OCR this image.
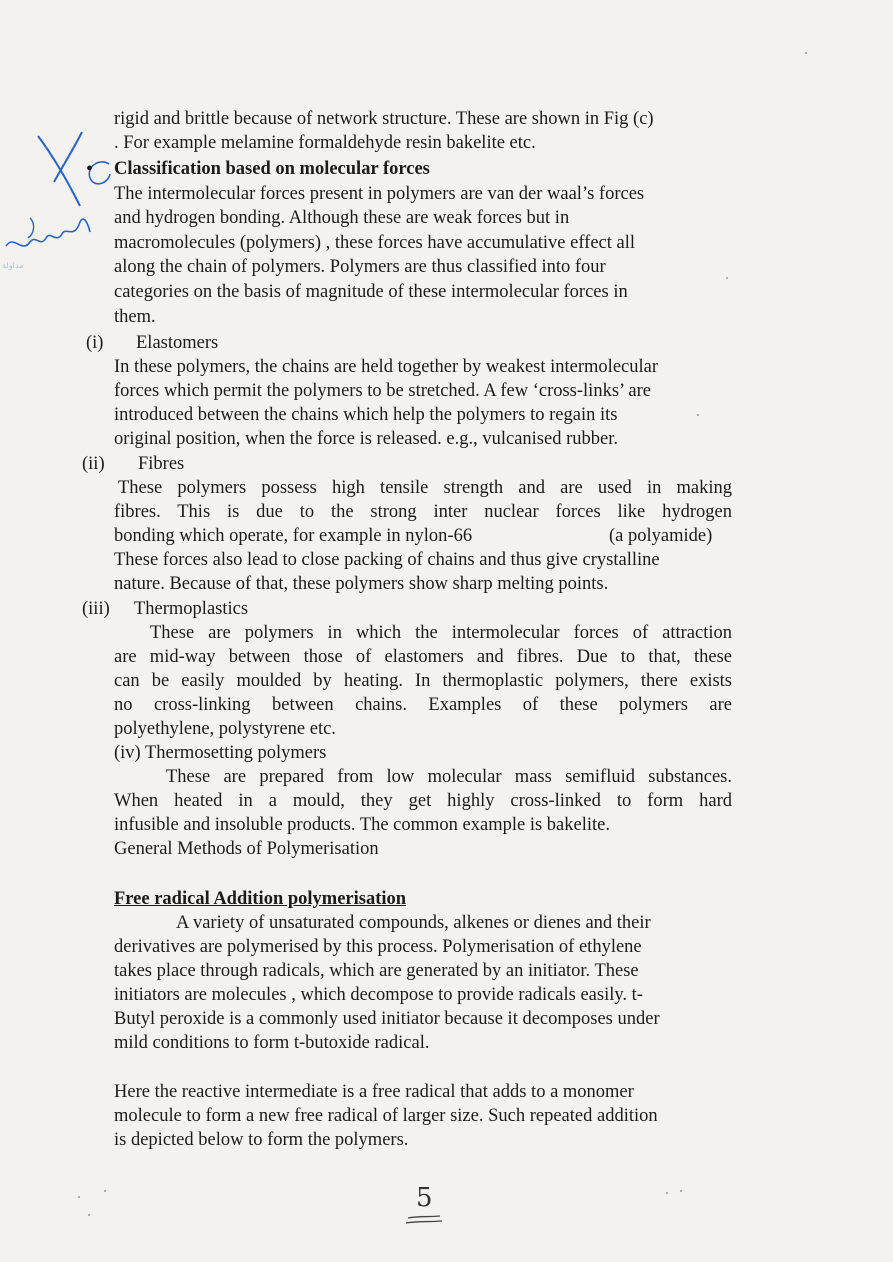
rigid and brittle because of network structure. These are shown in Fig (c)
. For example melamine formaldehyde resin bakelite etc.
مداولة
• Classification based on molecular forces
The intermolecular forces present in polymers are van der waal’s forces
and hydrogen bonding. Although these are weak forces but in
macromolecules (polymers) , these forces have accumulative effect all
along the chain of polymers. Polymers are thus classified into four
categories on the basis of magnitude of these intermolecular forces in
them.
(i) Elastomers
In these polymers, the chains are held together by weakest intermolecular
forces which permit the polymers to be stretched. A few ‘cross-links’ are
introduced between the chains which help the polymers to regain its
original position, when the force is released. e.g., vulcanised rubber.
(ii) Fibres
These polymers possess high tensile strength and are used in making
fibres. This is due to the strong inter nuclear forces like hydrogen
bonding which operate, for example in nylon-66	(a polyamide)
These forces also lead to close packing of chains and thus give crystalline
nature. Because of that, these polymers show sharp melting points.
(iii) Thermoplastics
These are polymers in which the intermolecular forces of attraction
are mid-way between those of elastomers and fibres. Due to that, these
can be easily moulded by heating. In thermoplastic polymers, there exists
no cross-linking between chains. Examples of these polymers are
polyethylene, polystyrene etc.
(iv) Thermosetting polymers
These are prepared from low molecular mass semifluid substances.
When heated in a mould, they get highly cross-linked to form hard
infusible and insoluble products. The common example is bakelite.
General Methods of Polymerisation
Free radical Addition polymerisation
A variety of unsaturated compounds, alkenes or dienes and their
derivatives are polymerised by this process. Polymerisation of ethylene
takes place through radicals, which are generated by an initiator. These
initiators are molecules , which decompose to provide radicals easily. t-
Butyl peroxide is a commonly used initiator because it decomposes under
mild conditions to form t-butoxide radical.
Here the reactive intermediate is a free radical that adds to a monomer
molecule to form a new free radical of larger size. Such repeated addition
is depicted below to form the polymers.
5
